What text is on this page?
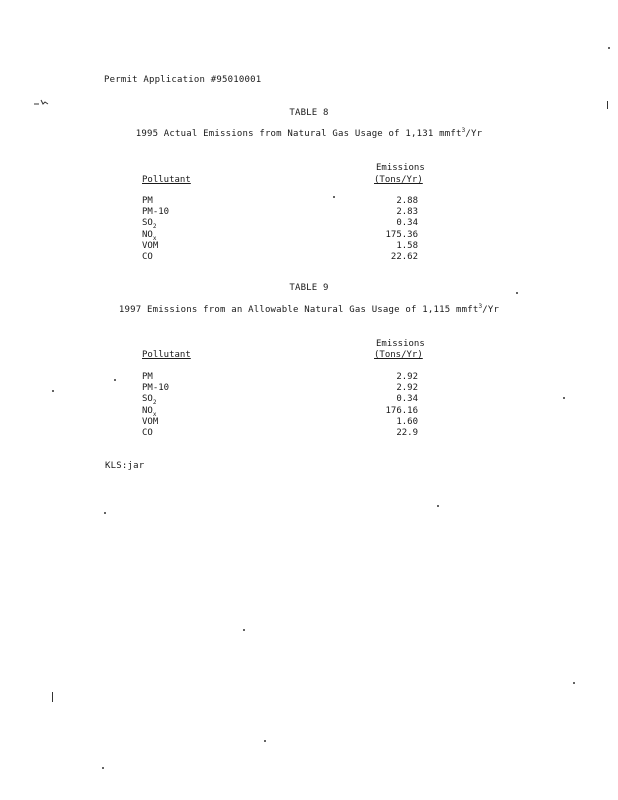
Permit Application #95010001
TABLE 8
1995 Actual Emissions from Natural Gas Usage of 1,131 mmft$^3$/Yr
Emissions
Pollutant	(Tons/Yr)
PM	2.88
PM-10	2.83
$SO_2$	0.34
$NO_x$	175.36
VOM	1.58
CO	22.62
TABLE 9
1997 Emissions from an Allowable Natural Gas Usage of 1,115 mmft$^3$/Yr
Emissions
Pollutant	(Tons/Yr)
PM	2.92
PM-10	2.92
$SO_2$	0.34
$NO_x$	176.16
VOM	1.60
CO	22.9
KLS:jar
